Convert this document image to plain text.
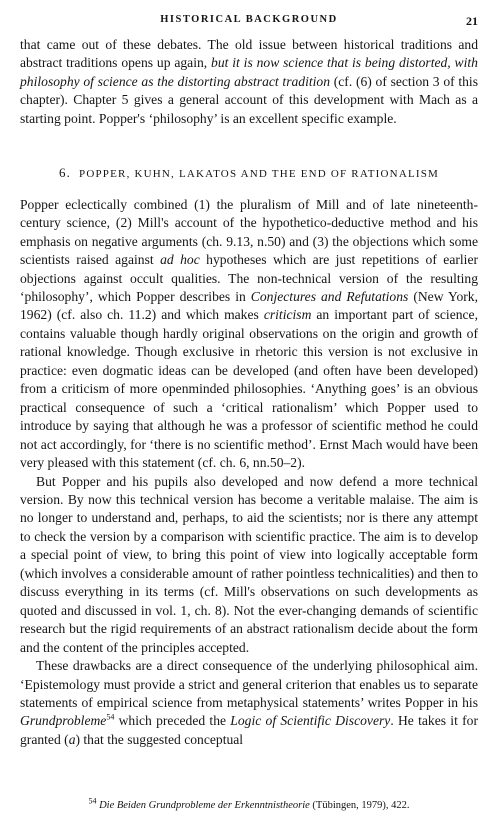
HISTORICAL BACKGROUND	21

that came out of these debates. The old issue between historical traditions and abstract traditions opens up again, but it is now science that is being distorted, with philosophy of science as the distorting abstract tradition (cf. (6) of section 3 of this chapter). Chapter 5 gives a general account of this development with Mach as a starting point. Popper's ‘philosophy’ is an excellent specific example.

6. POPPER, KUHN, LAKATOS AND THE END OF RATIONALISM

Popper eclectically combined (1) the pluralism of Mill and of late nineteenth-century science, (2) Mill's account of the hypothetico-deductive method and his emphasis on negative arguments (ch. 9.13, n.50) and (3) the objections which some scientists raised against ad hoc hypotheses which are just repetitions of earlier objections against occult qualities. The non-technical version of the resulting ‘philosophy’, which Popper describes in Conjectures and Refutations (New York, 1962) (cf. also ch. 11.2) and which makes criticism an important part of science, contains valuable though hardly original observations on the origin and growth of rational knowledge. Though exclusive in rhetoric this version is not exclusive in practice: even dogmatic ideas can be developed (and often have been developed) from a criticism of more openminded philosophies. ‘Anything goes’ is an obvious practical consequence of such a ‘critical rationalism’ which Popper used to introduce by saying that although he was a professor of scientific method he could not act accordingly, for ‘there is no scientific method’. Ernst Mach would have been very pleased with this statement (cf. ch. 6, nn.50–2).

But Popper and his pupils also developed and now defend a more technical version. By now this technical version has become a veritable malaise. The aim is no longer to understand and, perhaps, to aid the scientists; nor is there any attempt to check the version by a comparison with scientific practice. The aim is to develop a special point of view, to bring this point of view into logically acceptable form (which involves a considerable amount of rather pointless technicalities) and then to discuss everything in its terms (cf. Mill's observations on such developments as quoted and discussed in vol. 1, ch. 8). Not the ever-changing demands of scientific research but the rigid requirements of an abstract rationalism decide about the form and the content of the principles accepted.

These drawbacks are a direct consequence of the underlying philosophical aim. ‘Epistemology must provide a strict and general criterion that enables us to separate statements of empirical science from metaphysical statements’ writes Popper in his Grundprobleme$^{54}$ which preceded the Logic of Scientific Discovery. He takes it for granted (a) that the suggested conceptual

$^{54}$ Die Beiden Grundprobleme der Erkenntnistheorie (Tübingen, 1979), 422.
